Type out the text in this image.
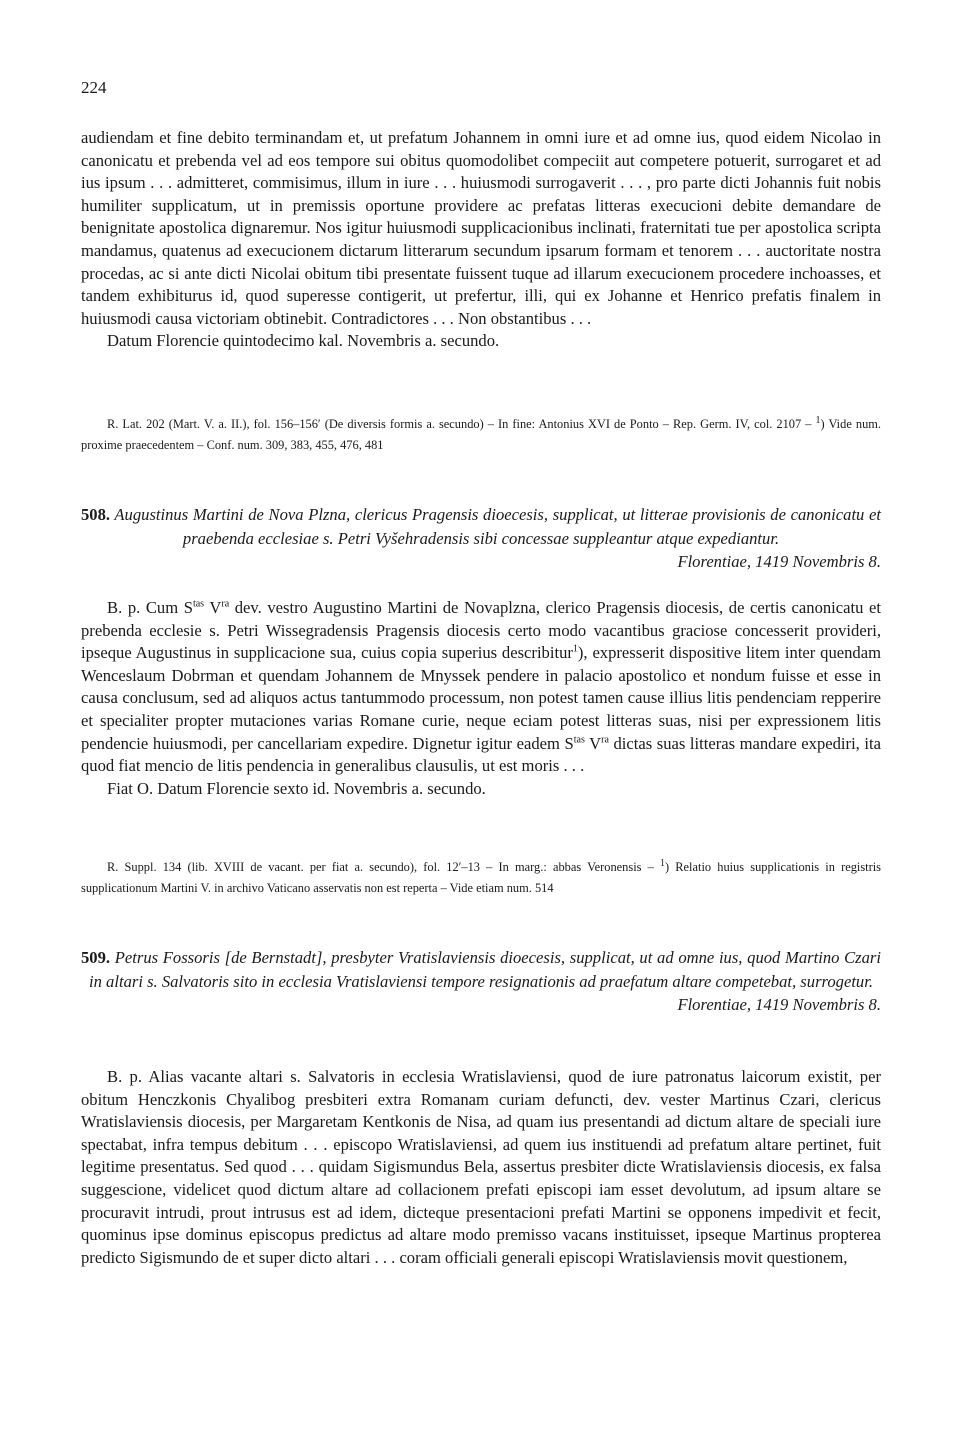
224

audiendam et fine debito terminandam et, ut prefatum Johannem in omni iure et ad omne ius, quod eidem Nicolao in canonicatu et prebenda vel ad eos tempore sui obitus quomodolibet compeciit aut competere potuerit, surrogaret et ad ius ipsum . . . admitteret, commisimus, illum in iure . . . huiusmodi surrogaverit . . . , pro parte dicti Johannis fuit nobis humiliter supplicatum, ut in premissis oportune providere ac prefatas litteras execucioni debite demandare de benignitate apostolica dignaremur. Nos igitur huiusmodi supplicacionibus inclinati, fraternitati tue per apostolica scripta mandamus, quatenus ad execucionem dictarum litterarum secundum ipsarum formam et tenorem . . . auctoritate nostra procedas, ac si ante dicti Nicolai obitum tibi presentate fuissent tuque ad illarum execucionem procedere inchoasses, et tandem exhibiturus id, quod superesse contigerit, ut prefertur, illi, qui ex Johanne et Henrico prefatis finalem in huiusmodi causa victoriam obtinebit. Contradictores . . . Non obstantibus . . .

Datum Florencie quintodecimo kal. Novembris a. secundo.

R. Lat. 202 (Mart. V. a. II.), fol. 156–156′ (De diversis formis a. secundo) – In fine: Antonius XVI de Ponto – Rep. Germ. IV, col. 2107 – $^1$) Vide num. proxime praecedentem – Conf. num. 309, 383, 455, 476, 481

508. Augustinus Martini de Nova Plzna, clericus Pragensis dioecesis, supplicat, ut litterae provisionis de canonicatu et praebenda ecclesiae s. Petri Vyšehradensis sibi concessae suppleantur atque expediantur.

Florentiae, 1419 Novembris 8.

B. p. Cum $S^{tas}$ $V^{ra}$ dev. vestro Augustino Martini de Novaplzna, clerico Pragensis diocesis, de certis canonicatu et prebenda ecclesie s. Petri Wissegradensis Pragensis diocesis certo modo vacantibus graciose concesserit provideri, ipseque Augustinus in supplicacione sua, cuius copia superius describitur$^1$), expresserit dispositive litem inter quendam Wenceslaum Dobrman et quendam Johannem de Mnyssek pendere in palacio apostolico et nondum fuisse et esse in causa conclusum, sed ad aliquos actus tantummodo processum, non potest tamen cause illius litis pendenciam repperire et specialiter propter mutaciones varias Romane curie, neque eciam potest litteras suas, nisi per expressionem litis pendencie huiusmodi, per cancellariam expedire. Dignetur igitur eadem $S^{tas}$ $V^{ra}$ dictas suas litteras mandare expediri, ita quod fiat mencio de litis pendencia in generalibus clausulis, ut est moris . . .

Fiat O. Datum Florencie sexto id. Novembris a. secundo.

R. Suppl. 134 (lib. XVIII de vacant. per fiat a. secundo), fol. 12′–13 – In marg.: abbas Veronensis – $^1$) Relatio huius supplicationis in registris supplicationum Martini V. in archivo Vaticano asservatis non est reperta – Vide etiam num. 514

509. Petrus Fossoris [de Bernstadt], presbyter Vratislaviensis dioecesis, supplicat, ut ad omne ius, quod Martino Czari in altari s. Salvatoris sito in ecclesia Vratislaviensi tempore resignationis ad praefatum altare competebat, surrogetur.

Florentiae, 1419 Novembris 8.

B. p. Alias vacante altari s. Salvatoris in ecclesia Wratislaviensi, quod de iure patronatus laicorum existit, per obitum Henczkonis Chyalibog presbiteri extra Romanam curiam defuncti, dev. vester Martinus Czari, clericus Wratislaviensis diocesis, per Margaretam Kentkonis de Nisa, ad quam ius presentandi ad dictum altare de speciali iure spectabat, infra tempus debitum . . . episcopo Wratislaviensi, ad quem ius instituendi ad prefatum altare pertinet, fuit legitime presentatus. Sed quod . . . quidam Sigismundus Bela, assertus presbiter dicte Wratislaviensis diocesis, ex falsa suggescione, videlicet quod dictum altare ad collacionem prefati episcopi iam esset devolutum, ad ipsum altare se procuravit intrudi, prout intrusus est ad idem, dicteque presentacioni prefati Martini se opponens impedivit et fecit, quominus ipse dominus episcopus predictus ad altare modo premisso vacans instituisset, ipseque Martinus propterea predicto Sigismundo de et super dicto altari . . . coram officiali generali episcopi Wratislaviensis movit questionem,
